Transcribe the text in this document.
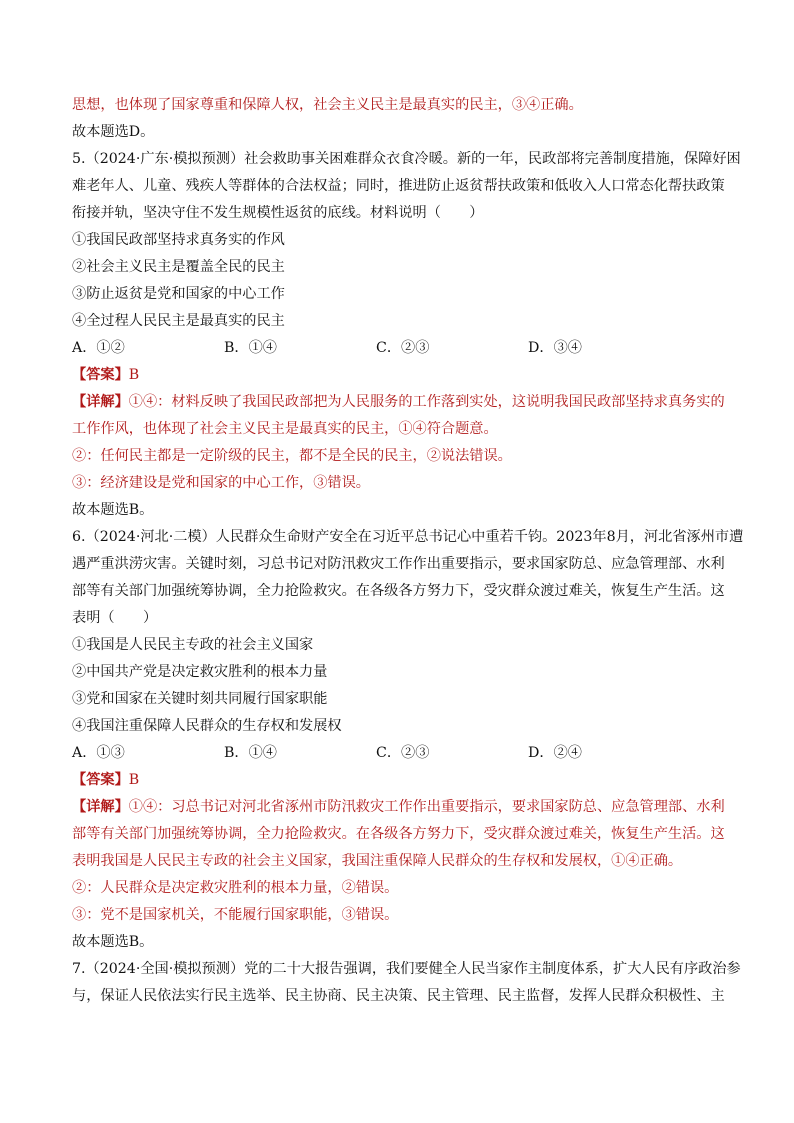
思想，也体现了国家尊重和保障人权，社会主义民主是最真实的民主，③④正确。
故本题选D。
5.（2024·广东·模拟预测）社会救助事关困难群众衣食冷暖。新的一年，民政部将完善制度措施，保障好困
难老年人、儿童、残疾人等群体的合法权益；同时，推进防止返贫帮扶政策和低收入人口常态化帮扶政策
衔接并轨，坚决守住不发生规模性返贫的底线。材料说明（　　）
①我国民政部坚持求真务实的作风
②社会主义民主是覆盖全民的民主
③防止返贫是党和国家的中心工作
④全过程人民民主是最真实的民主
A．①②	B．①④	C．②③	D．③④
【答案】B
【详解】①④：材料反映了我国民政部把为人民服务的工作落到实处，这说明我国民政部坚持求真务实的
工作作风，也体现了社会主义民主是最真实的民主，①④符合题意。
②：任何民主都是一定阶级的民主，都不是全民的民主，②说法错误。
③：经济建设是党和国家的中心工作，③错误。
故本题选B。
6.（2024·河北·二模）人民群众生命财产安全在习近平总书记心中重若千钧。2023年8月，河北省涿州市遭
遇严重洪涝灾害。关键时刻，习总书记对防汛救灾工作作出重要指示，要求国家防总、应急管理部、水利
部等有关部门加强统筹协调，全力抢险救灾。在各级各方努力下，受灾群众渡过难关，恢复生产生活。这
表明（　　）
①我国是人民民主专政的社会主义国家
②中国共产党是决定救灾胜利的根本力量
③党和国家在关键时刻共同履行国家职能
④我国注重保障人民群众的生存权和发展权
A．①③	B．①④	C．②③	D．②④
【答案】B
【详解】①④：习总书记对河北省涿州市防汛救灾工作作出重要指示，要求国家防总、应急管理部、水利
部等有关部门加强统筹协调，全力抢险救灾。在各级各方努力下，受灾群众渡过难关，恢复生产生活。这
表明我国是人民民主专政的社会主义国家，我国注重保障人民群众的生存权和发展权，①④正确。
②：人民群众是决定救灾胜利的根本力量，②错误。
③：党不是国家机关，不能履行国家职能，③错误。
故本题选B。
7.（2024·全国·模拟预测）党的二十大报告强调，我们要健全人民当家作主制度体系，扩大人民有序政治参
与，保证人民依法实行民主选举、民主协商、民主决策、民主管理、民主监督，发挥人民群众积极性、主
